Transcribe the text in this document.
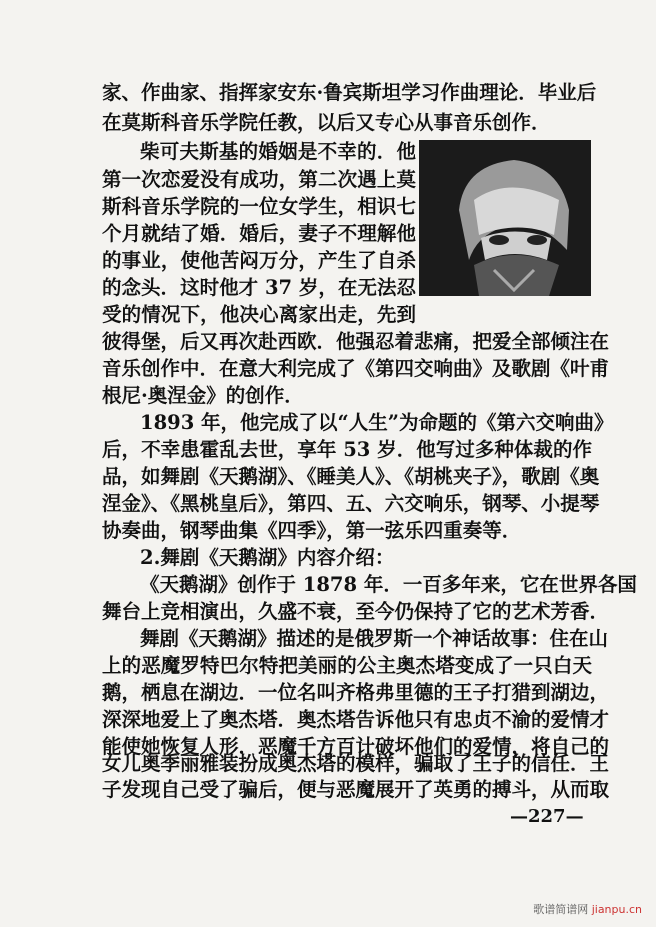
家、作曲家、指挥家安东·鲁宾斯坦学习作曲理论．毕业后
在莫斯科音乐学院任教，以后又专心从事音乐创作．
柴可夫斯基的婚姻是不幸的．他
第一次恋爱没有成功，第二次遇上莫
斯科音乐学院的一位女学生，相识七
个月就结了婚．婚后，妻子不理解他
的事业，使他苦闷万分，产生了自杀
的念头．这时他才 37 岁，在无法忍
受的情况下，他决心离家出走，先到
彼得堡，后又再次赴西欧．他强忍着悲痛，把爱全部倾注在
音乐创作中．在意大利完成了《第四交响曲》及歌剧《叶甫
根尼·奥涅金》的创作．
1893 年，他完成了以“人生”为命题的《第六交响曲》
后，不幸患霍乱去世，享年 53 岁．他写过多种体裁的作
品，如舞剧《天鹅湖》、《睡美人》、《胡桃夹子》，歌剧《奥
涅金》、《黑桃皇后》，第四、五、六交响乐，钢琴、小提琴
协奏曲，钢琴曲集《四季》，第一弦乐四重奏等．
2.舞剧《天鹅湖》内容介绍：
《天鹅湖》创作于 1878 年．一百多年来，它在世界各国
舞台上竞相演出，久盛不衰，至今仍保持了它的艺术芳香．
舞剧《天鹅湖》描述的是俄罗斯一个神话故事：住在山
上的恶魔罗特巴尔特把美丽的公主奥杰塔变成了一只白天
鹅，栖息在湖边．一位名叫齐格弗里德的王子打猎到湖边，
深深地爱上了奥杰塔．奥杰塔告诉他只有忠贞不渝的爱情才
能使她恢复人形．恶魔千方百计破坏他们的爱情，将自己的
女儿奥季丽雅装扮成奥杰塔的模样，骗取了王子的信任．王
子发现自己受了骗后，便与恶魔展开了英勇的搏斗，从而取
—227—
歌谱简谱网 jianpu.cn
